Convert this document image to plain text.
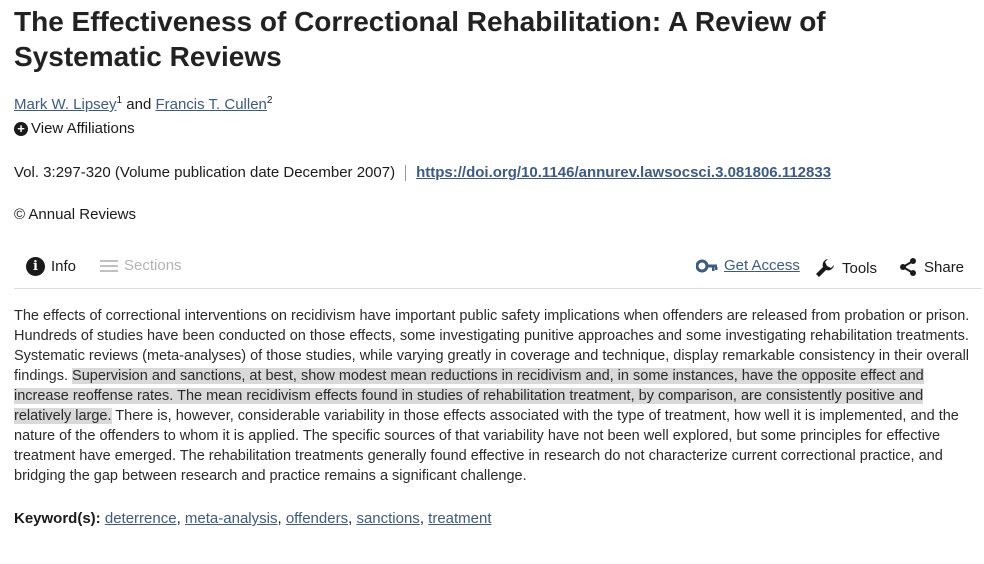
The Effectiveness of Correctional Rehabilitation: A Review of Systematic Reviews
Mark W. Lipsey$^1$ and Francis T. Cullen$^2$
+ View Affiliations
Vol. 3:297-320 (Volume publication date December 2007) https://doi.org/10.1146/annurev.lawsocsci.3.081806.112833
© Annual Reviews
i Info	Sections	Get Access	Tools	Share

The effects of correctional interventions on recidivism have important public safety implications when offenders are released from probation or prison. Hundreds of studies have been conducted on those effects, some investigating punitive approaches and some investigating rehabilitation treatments. Systematic reviews (meta-analyses) of those studies, while varying greatly in coverage and technique, display remarkable consistency in their overall findings. Supervision and sanctions, at best, show modest mean reductions in recidivism and, in some instances, have the opposite effect and increase reoffense rates. The mean recidivism effects found in studies of rehabilitation treatment, by comparison, are consistently positive and relatively large. There is, however, considerable variability in those effects associated with the type of treatment, how well it is implemented, and the nature of the offenders to whom it is applied. The specific sources of that variability have not been well explored, but some principles for effective treatment have emerged. The rehabilitation treatments generally found effective in research do not characterize current correctional practice, and bridging the gap between research and practice remains a significant challenge.

Keyword(s): deterrence, meta-analysis, offenders, sanctions, treatment
